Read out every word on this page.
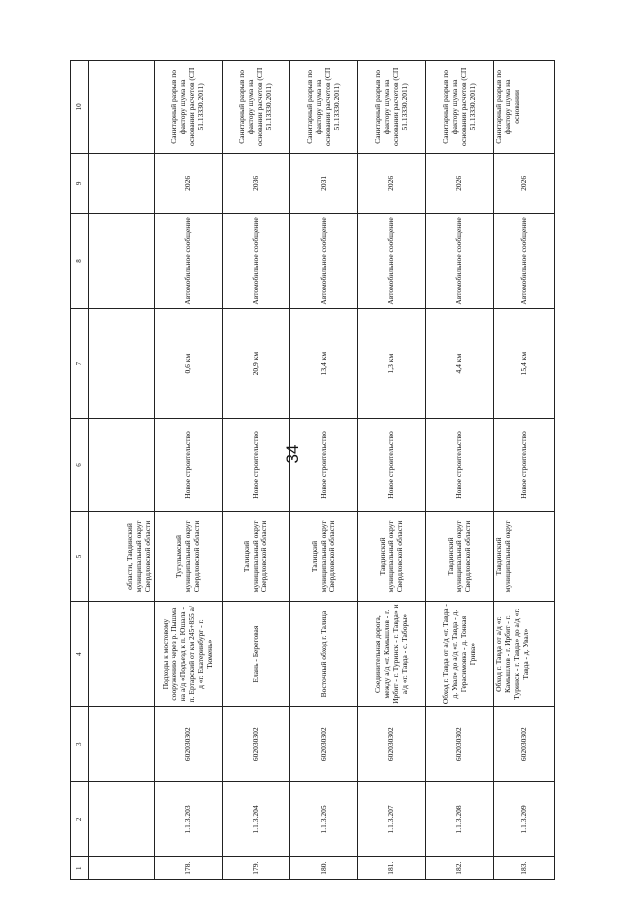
34
1	2	3	4	5	6	7	8	9	10
				области, Тавдинский муниципальный округ Свердловской области					
178.	1.1.3.203	602030302	Подходы к мостовому сооружению через р. Пышма на а/д «Подъезд к п. Юшала - п. Ертарский от км 245+855 а/д «г. Екатеринбург - г. Тюмень»	Тугулымский муниципальный округ Свердловской области	Новое строительство	0,6 км	Автомобильное сообщение	2026	Санитарный разрыв по фактору шума на основании расчетов (СП 51.13330.2011)
179.	1.1.3.204	602030302	Елань - Береговая	Талицкий муниципальный округ Свердловской области	Новое строительство	20,9 км	Автомобильное сообщение	2036	Санитарный разрыв по фактору шума на основании расчетов (СП 51.13330.2011)
180.	1.1.3.205	602030302	Восточный обход г. Талица	Талицкий муниципальный округ Свердловской области	Новое строительство	13,4 км	Автомобильное сообщение	2031	Санитарный разрыв по фактору шума на основании расчетов (СП 51.13330.2011)
181.	1.1.3.207	602030302	Соединительная дорога, между а/д «г. Камышлов - г. Ирбит - г. Туринск - г. Тавда» и а/д «г. Тавда - с. Таборы»	Тавдинский муниципальный округ Свердловской области	Новое строительство	1,3 км	Автомобильное сообщение	2026	Санитарный разрыв по фактору шума на основании расчетов (СП 51.13330.2011)
182.	1.1.3.208	602030302	Обход г. Тавда от а/д «г. Тавда - д. Увал» до а/д «г. Тавда - д. Герасимовка - д. Тонкая Грива»	Тавдинский муниципальный округ Свердловской области	Новое строительство	4,4 км	Автомобильное сообщение	2026	Санитарный разрыв по фактору шума на основании расчетов (СП 51.13330.2011)
183.	1.1.3.209	602030302	Обход г. Тавда от а/д «г. Камышлов - г. Ирбит - г. Туринск - г. Тавда» до а/д «г. Тавда - д. Увал»	Тавдинский муниципальный округ	Новое строительство	15,4 км	Автомобильное сообщение	2026	Санитарный разрыв по фактору шума на основании
